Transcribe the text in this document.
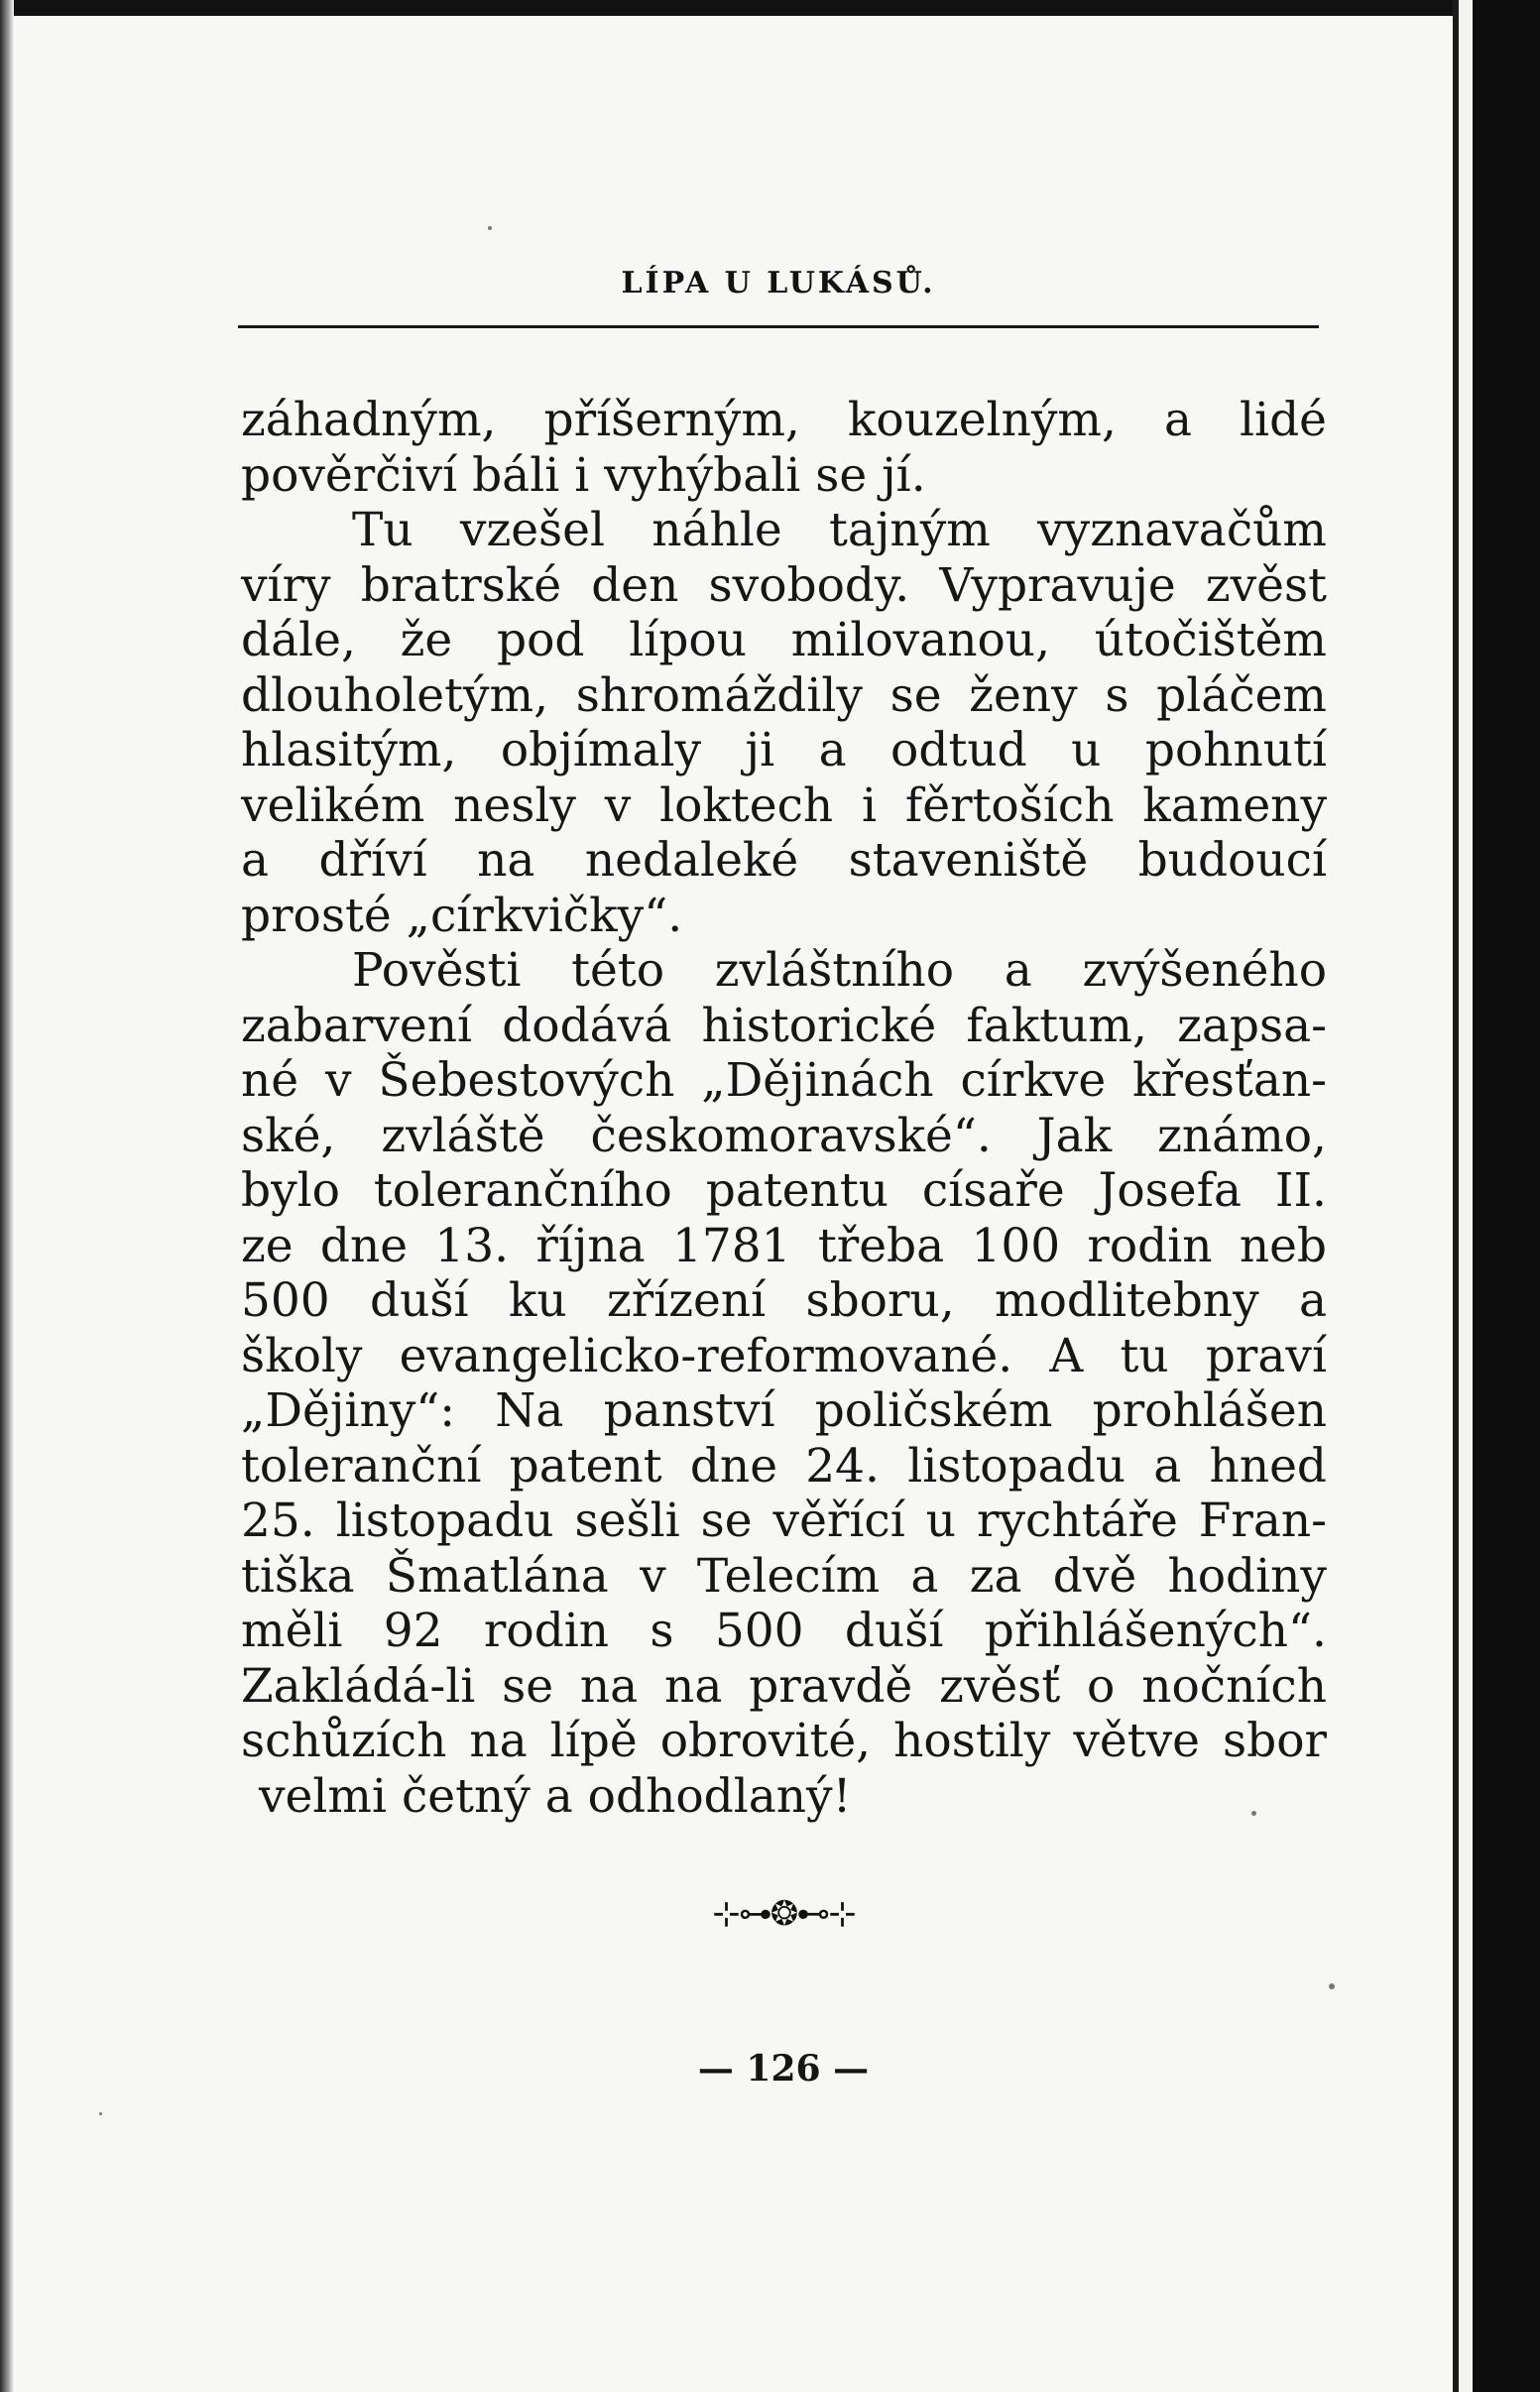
LÍPA U LUKÁSŮ.
záhadným, příšerným, kouzelným, a lidé
pověrčiví báli i vyhýbali se jí.
Tu vzešel náhle tajným vyznavačům
víry bratrské den svobody. Vypravuje zvěst
dále, že pod lípou milovanou, útočištěm
dlouholetým, shromáždily se ženy s pláčem
hlasitým, objímaly ji a odtud u pohnutí
velikém nesly v loktech i fěrtoších kameny
a dříví na nedaleké staveniště budoucí
prosté „církvičky“.
Pověsti této zvláštního a zvýšeného
zabarvení dodává historické faktum, zapsa-
né v Šebestových „Dějinách církve křesťan-
ské, zvláště českomoravské“. Jak známo,
bylo tolerančního patentu císaře Josefa II.
ze dne 13. října 1781 třeba 100 rodin neb
500 duší ku zřízení sboru, modlitebny a
školy evangelicko-reformované. A tu praví
„Dějiny“: Na panství poličském prohlášen
toleranční patent dne 24. listopadu a hned
25. listopadu sešli se věřící u rychtáře Fran-
tiška Šmatlána v Telecím a za dvě hodiny
měli 92 rodin s 500 duší přihlášených“.
Zakládá-li se na na pravdě zvěsť o nočních
schůzích na lípě obrovité, hostily větve sbor
velmi četný a odhodlaný!
⊹⊶❂⊷⊹
— 126 —
